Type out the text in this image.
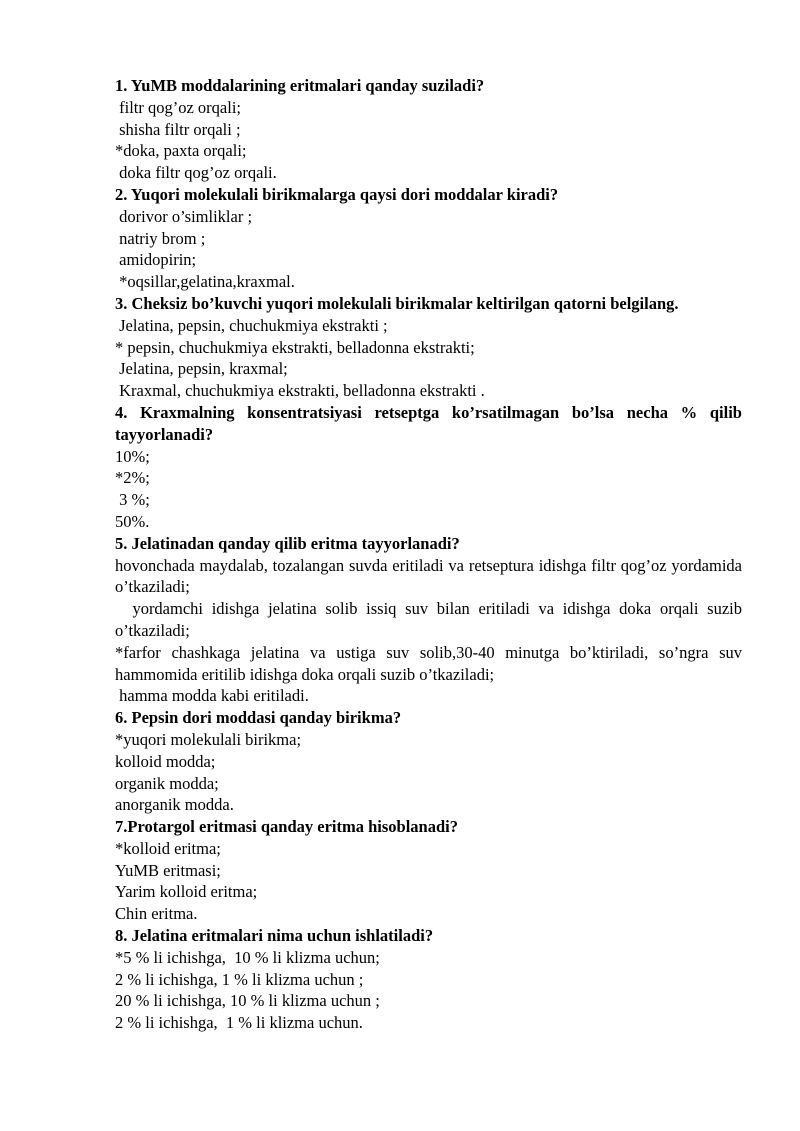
1. YuMB moddalarining eritmalari qanday suziladi?
filtr qog’oz orqali;
shisha filtr orqali ;
*doka, paxta orqali;
doka filtr qog’oz orqali.
2. Yuqori molekulali birikmalarga qaysi dori moddalar kiradi?
dorivor o’simliklar ;
natriy brom ;
amidopirin;
*oqsillar,gelatina,kraxmal.
3. Cheksiz bo’kuvchi yuqori molekulali birikmalar keltirilgan qatorni belgilang.
Jelatina, pepsin, chuchukmiya ekstrakti ;
* pepsin, chuchukmiya ekstrakti, belladonna ekstrakti;
Jelatina, pepsin, kraxmal;
Kraxmal, chuchukmiya ekstrakti, belladonna ekstrakti .
4. Kraxmalning konsentratsiyasi retseptga ko’rsatilmagan bo’lsa necha % qilib tayyorlanadi?
10%;
*2%;
3 %;
50%.
5. Jelatinadan qanday qilib eritma tayyorlanadi?
hovonchada maydalab, tozalangan suvda eritiladi va retseptura idishga filtr qog’oz yordamida o’tkaziladi;
yordamchi idishga jelatina solib issiq suv bilan eritiladi va idishga doka orqali suzib o’tkaziladi;
*farfor chashkaga jelatina va ustiga suv solib,30-40 minutga bo’ktiriladi, so’ngra suv hammomida eritilib idishga doka orqali suzib o’tkaziladi;
hamma modda kabi eritiladi.
6. Pepsin dori moddasi qanday birikma?
*yuqori molekulali birikma;
kolloid modda;
organik modda;
anorganik modda.
7.Protargol eritmasi qanday eritma hisoblanadi?
*kolloid eritma;
YuMB eritmasi;
Yarim kolloid eritma;
Chin eritma.
8. Jelatina eritmalari nima uchun ishlatiladi?
*5 % li ichishga,  10 % li klizma uchun;
2 % li ichishga, 1 % li klizma uchun ;
20 % li ichishga, 10 % li klizma uchun ;
2 % li ichishga,  1 % li klizma uchun.
